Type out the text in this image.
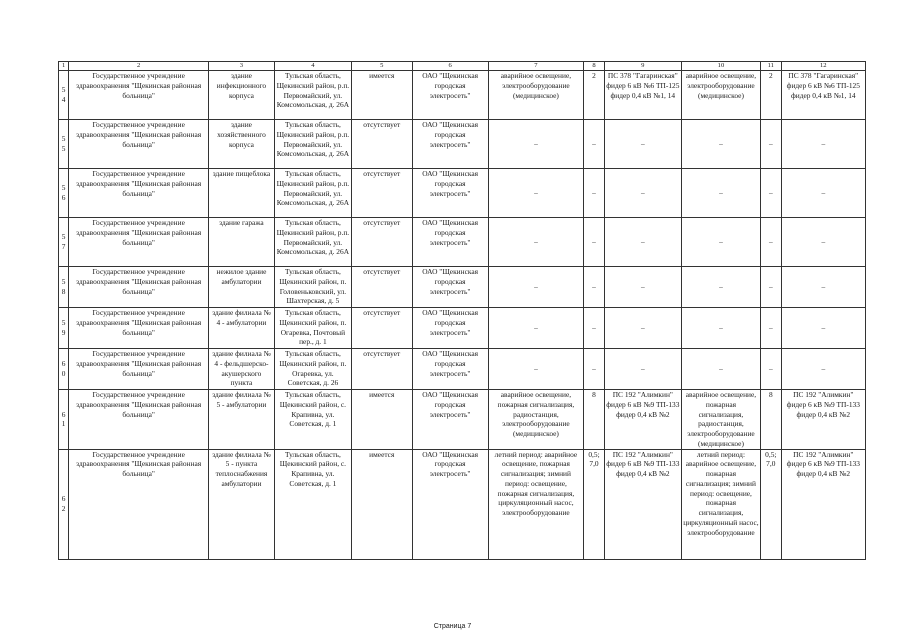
1	2	3	4	5	6	7	8	9	10	11	12
54	Государственное учреждение здравоохранения "Щекинская районная больница"	здание инфекционного корпуса	Тульская область, Щекинский район, р.п. Первомайский, ул. Комсомольская, д. 26А	имеется	ОАО "Щекинская городская электросеть"	аварийное освещение, электрооборудование (медицинское)	2	ПС 378 "Гагаринская" фидер 6 кВ №6 ТП-125 фидер 0,4 кВ №1, 14	аварийное освещение, электрооборудование (медицинское)	2	ПС 378 "Гагаринская" фидер 6 кВ №6 ТП-125 фидер 0,4 кВ №1, 14
55	Государственное учреждение здравоохранения "Щекинская районная больница"	здание хозяйственного корпуса	Тульская область, Щекинский район, р.п. Первомайский, ул. Комсомольская, д. 26А	отсутствует	ОАО "Щекинская городская электросеть"	–	–	–	–	–	–
56	Государственное учреждение здравоохранения "Щекинская районная больница"	здание пищеблока	Тульская область, Щекинский район, р.п. Первомайский, ул. Комсомольская, д. 26А	отсутствует	ОАО "Щекинская городская электросеть"	–	–	–	–	–	–
57	Государственное учреждение здравоохранения "Щекинская районная больница"	здание гаража	Тульская область, Щекинский район, р.п. Первомайский, ул. Комсомольская, д. 26А	отсутствует	ОАО "Щекинская городская электросеть"	–	–	–	–	–	–
58	Государственное учреждение здравоохранения "Щекинская районная больница"	нежилое здание амбулатории	Тульская область, Щекинский район, п. Головеньковский, ул. Шахтерская, д. 5	отсутствует	ОАО "Щекинская городская электросеть"	–	–	–	–	–	–
59	Государственное учреждение здравоохранения "Щекинская районная больница"	здание филиала № 4 - амбулатории	Тульская область, Щекинский район, п. Огаревка, Почтовый пер., д. 1	отсутствует	ОАО "Щекинская городская электросеть"	–	–	–	–	–	–
60	Государственное учреждение здравоохранения "Щекинская районная больница"	здание филиала № 4 - фельдшерско-акушерского пункта	Тульская область, Щекинский район, п. Огаревка, ул. Советская, д. 26	отсутствует	ОАО "Щекинская городская электросеть"	–	–	–	–	–	–
61	Государственное учреждение здравоохранения "Щекинская районная больница"	здание филиала № 5 - амбулатории	Тульская область, Щекинский район, с. Крапивна, ул. Советская, д. 1	имеется	ОАО "Щекинская городская электросеть"	аварийное освещение, пожарная сигнализация, радиостанция, электрооборудование (медицинское)	8	ПС 192 "Алимкин" фидер 6 кВ №9 ТП-133 фидер 0,4 кВ №2	аварийное освещение, пожарная сигнализация, радиостанция, электрооборудование (медицинское)	8	ПС 192 "Алимкин" фидер 6 кВ №9 ТП-133 фидер 0,4 кВ №2
62	Государственное учреждение здравоохранения "Щекинская районная больница"	здание филиала № 5 - пункта теплоснабжения амбулатории	Тульская область, Щекинский район, с. Крапивна, ул. Советская, д. 1	имеется	ОАО "Щекинская городская электросеть"	летний период: аварийное освещение, пожарная сигнализация; зимний период: освещение, пожарная сигнализация, циркуляционный насос, электрооборудование	0,5; 7,0	ПС 192 "Алимкин" фидер 6 кВ №9 ТП-133 фидер 0,4 кВ №2	летний период: аварийное освещение, пожарная сигнализация; зимний период: освещение, пожарная сигнализация, циркуляционный насос, электрооборудование	0,5; 7,0	ПС 192 "Алимкин" фидер 6 кВ №9 ТП-133 фидер 0,4 кВ №2
Страница 7
